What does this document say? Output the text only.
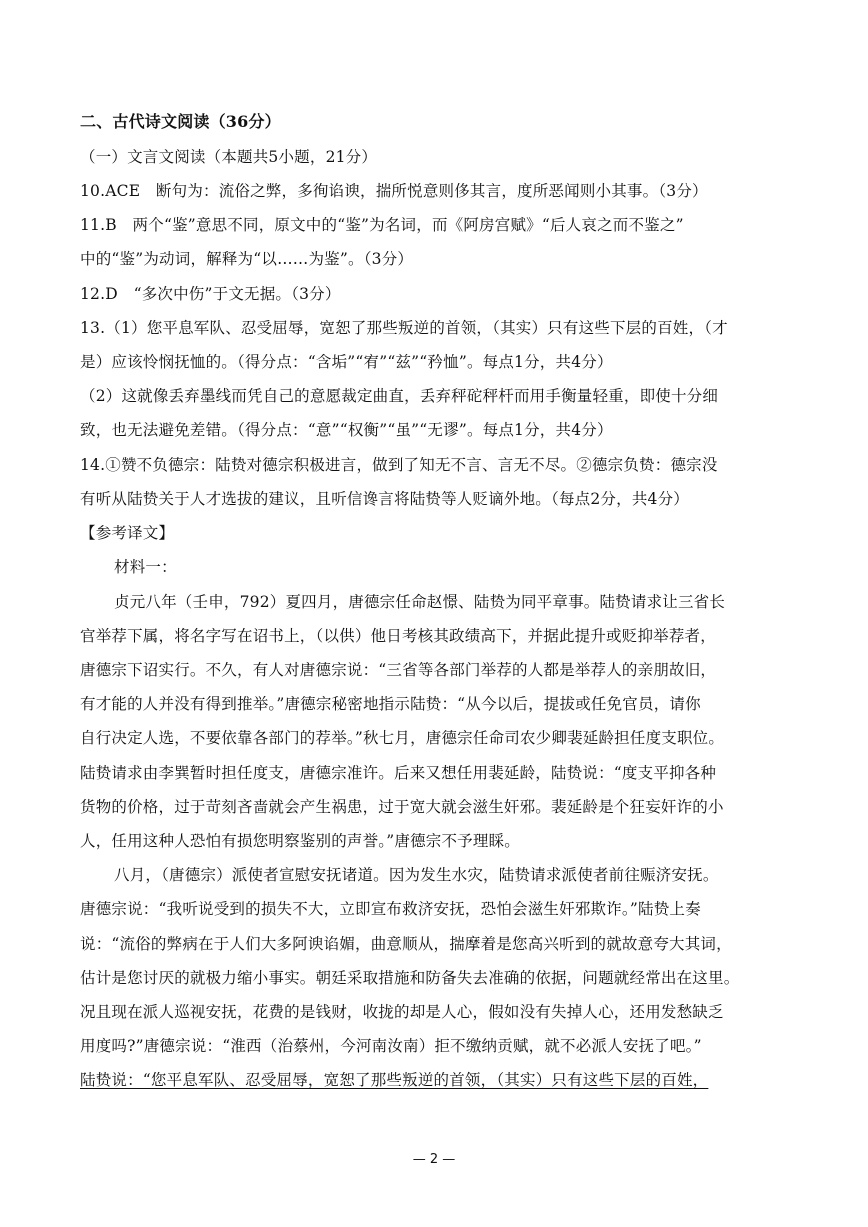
二、古代诗文阅读（36分）
（一）文言文阅读（本题共5小题，21分）
10.ACE　断句为：流俗之弊，多徇谄谀，揣所悦意则侈其言，度所恶闻则小其事。（3分）
11.B　两个“鉴”意思不同，原文中的“鉴”为名词，而《阿房宫赋》“后人哀之而不鉴之”
中的“鉴”为动词，解释为“以……为鉴”。（3分）
12.D　“多次中伤”于文无据。（3分）
13.（1）您平息军队、忍受屈辱，宽恕了那些叛逆的首领，（其实）只有这些下层的百姓，（才
是）应该怜悯抚恤的。（得分点：“含垢”“宥”“兹”“矜恤”。每点1分，共4分）
（2）这就像丢弃墨线而凭自己的意愿裁定曲直，丢弃秤砣秤杆而用手衡量轻重，即使十分细
致，也无法避免差错。（得分点：“意”“权衡”“虽”“无谬”。每点1分，共4分）
14.①赞不负德宗：陆贽对德宗积极进言，做到了知无不言、言无不尽。②德宗负贽：德宗没
有听从陆贽关于人才选拔的建议，且听信谗言将陆贽等人贬谪外地。（每点2分，共4分）
【参考译文】
材料一：
贞元八年（壬申，792）夏四月，唐德宗任命赵憬、陆贽为同平章事。陆贽请求让三省长
官举荐下属，将名字写在诏书上，（以供）他日考核其政绩高下，并据此提升或贬抑举荐者，
唐德宗下诏实行。不久，有人对唐德宗说：“三省等各部门举荐的人都是举荐人的亲朋故旧，
有才能的人并没有得到推举。”唐德宗秘密地指示陆贽：“从今以后，提拔或任免官员，请你
自行决定人选，不要依靠各部门的荐举。”秋七月，唐德宗任命司农少卿裴延龄担任度支职位。
陆贽请求由李巽暂时担任度支，唐德宗准许。后来又想任用裴延龄，陆贽说：“度支平抑各种
货物的价格，过于苛刻吝啬就会产生祸患，过于宽大就会滋生奸邪。裴延龄是个狂妄奸诈的小
人，任用这种人恐怕有损您明察鉴别的声誉。”唐德宗不予理睬。
八月，（唐德宗）派使者宣慰安抚诸道。因为发生水灾，陆贽请求派使者前往赈济安抚。
唐德宗说：“我听说受到的损失不大，立即宣布救济安抚，恐怕会滋生奸邪欺诈。”陆贽上奏
说：“流俗的弊病在于人们大多阿谀谄媚，曲意顺从，揣摩着是您高兴听到的就故意夸大其词，
估计是您讨厌的就极力缩小事实。朝廷采取措施和防备失去准确的依据，问题就经常出在这里。
况且现在派人巡视安抚，花费的是钱财，收拢的却是人心，假如没有失掉人心，还用发愁缺乏
用度吗?”唐德宗说：“淮西（治蔡州，今河南汝南）拒不缴纳贡赋，就不必派人安抚了吧。”
陆贽说：“您平息军队、忍受屈辱，宽恕了那些叛逆的首领，（其实）只有这些下层的百姓，
— 2 —
